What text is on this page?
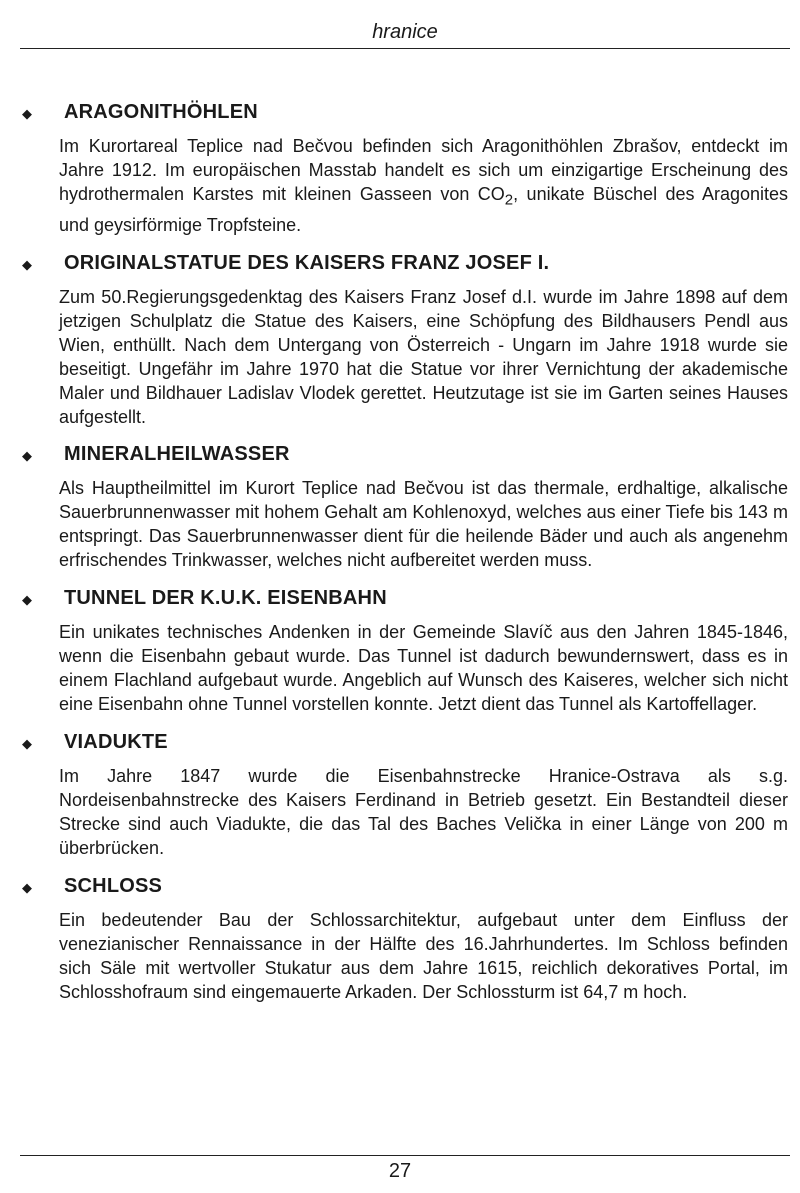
hranice
◆	ARAGONITHÖHLEN
Im Kurortareal Teplice nad Bečvou befinden sich Aragonithöhlen Zbrašov, entdeckt im Jahre 1912. Im europäischen Masstab handelt es sich um einzigartige Erscheinung des hydrothermalen Karstes mit kleinen Gasseen von $CO_2$, unikate Büschel des Aragonites und geysirförmige Tropfsteine.
◆	ORIGINALSTATUE DES KAISERS FRANZ JOSEF I.
Zum 50.Regierungsgedenktag des Kaisers Franz Josef d.I. wurde im Jahre 1898 auf dem jetzigen Schulplatz die Statue des Kaisers, eine Schöpfung des Bildhausers Pendl aus Wien, enthüllt. Nach dem Untergang von Österreich - Ungarn im Jahre 1918 wurde sie beseitigt. Ungefähr im Jahre 1970 hat die Statue vor ihrer Vernichtung der akademische Maler und Bildhauer Ladislav Vlodek gerettet. Heutzutage ist sie im Garten seines Hauses aufgestellt.
◆	MINERALHEILWASSER
Als Hauptheilmittel im Kurort Teplice nad Bečvou ist das thermale, erdhaltige, alkalische Sauerbrunnenwasser mit hohem Gehalt am Kohlenoxyd, welches aus einer Tiefe bis 143 m entspringt. Das Sauerbrunnenwasser dient für die heilende Bäder und auch als angenehm erfrischendes Trinkwasser, welches nicht aufbereitet werden muss.
◆	TUNNEL DER K.U.K. EISENBAHN
Ein unikates technisches Andenken in der Gemeinde Slavíč aus den Jahren 1845-1846, wenn die Eisenbahn gebaut wurde. Das Tunnel ist dadurch bewundernswert, dass es in einem Flachland aufgebaut wurde. Angeblich auf Wunsch des Kaiseres, welcher sich nicht eine Eisenbahn ohne Tunnel vorstellen konnte. Jetzt dient das Tunnel als Kartoffellager.
◆	VIADUKTE
Im Jahre 1847 wurde die Eisenbahnstrecke Hranice-Ostrava als s.g. Nordeisenbahnstrecke des Kaisers Ferdinand in Betrieb gesetzt. Ein Bestandteil dieser Strecke sind auch Viadukte, die das Tal des Baches Velička in einer Länge von 200 m überbrücken.
◆	SCHLOSS
Ein bedeutender Bau der Schlossarchitektur, aufgebaut unter dem Einfluss der venezianischer Rennaissance in der Hälfte des 16.Jahrhundertes. Im Schloss befinden sich Säle mit wertvoller Stukatur aus dem Jahre 1615, reichlich dekoratives Portal, im Schlosshofraum sind eingemauerte Arkaden. Der Schlossturm ist 64,7 m hoch.
27
